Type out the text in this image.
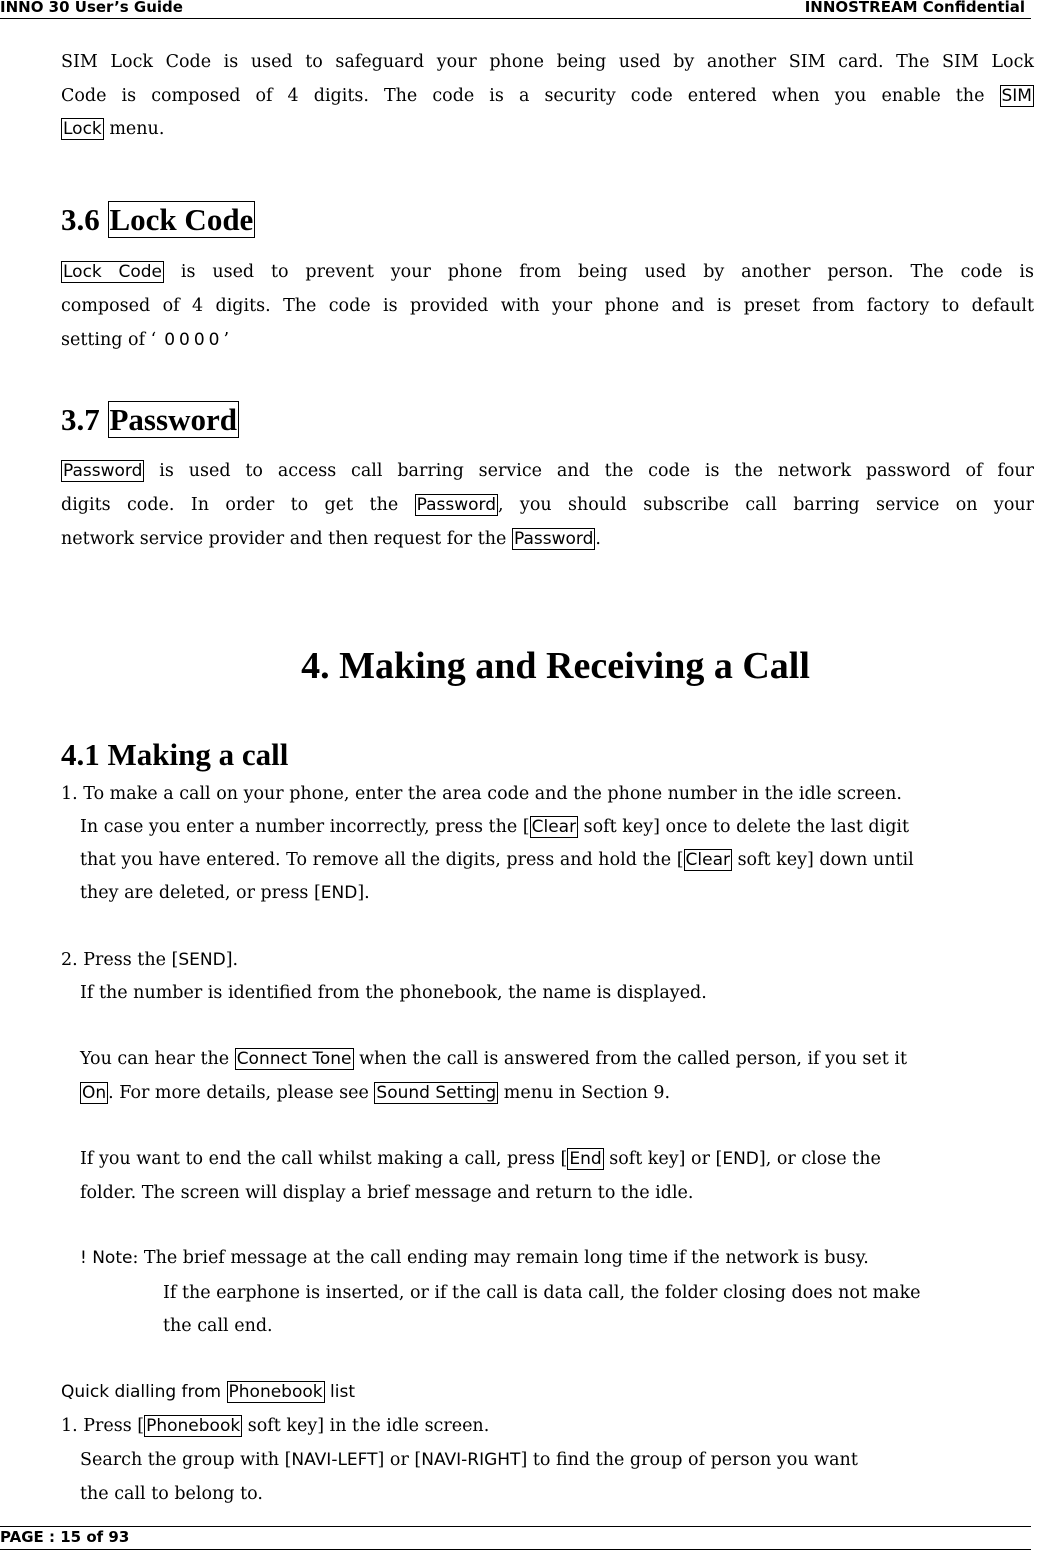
INNO 30 User’s Guide	INNOSTREAM Confidential

SIM Lock Code is used to safeguard your phone being used by another SIM card. The SIM Lock

Code is composed of 4 digits. The code is a security code entered when you enable the SIM

Lock menu.

3.6 Lock Code

Lock Code is used to prevent your phone from being used by another person. The code is

composed of 4 digits. The code is provided with your phone and is preset from factory to default

setting of ‘ 0000’

3.7 Password

Password is used to access call barring service and the code is the network password of four

digits code. In order to get the Password , you should subscribe call barring service on your

network service provider and then request for the Password .

4. Making and Receiving a Call

4.1 Making a call

1. To make a call on your phone, enter the area code and the phone number in the idle screen.

In case you enter a number incorrectly, press the [ Clear soft key] once to delete the last digit

that you have entered. To remove all the digits, press and hold the [ Clear soft key] down until

they are deleted, or press [END].

2. Press the [SEND].

If the number is identified from the phonebook, the name is displayed.

You can hear the Connect Tone when the call is answered from the called person, if you set it

On . For more details, please see Sound Setting menu in Section 9.

If you want to end the call whilst making a call, press [ End soft key] or [END], or close the

folder. The screen will display a brief message and return to the idle.

! Note: The brief message at the call ending may remain long time if the network is busy.

If the earphone is inserted, or if the call is data call, the folder closing does not make

the call end.

Quick dialling from Phonebook list

1. Press [ Phonebook soft key] in the idle screen.

Search the group with [NAVI-LEFT] or [NAVI-RIGHT] to find the group of person you want

the call to belong to.

PAGE : 15 of 93
